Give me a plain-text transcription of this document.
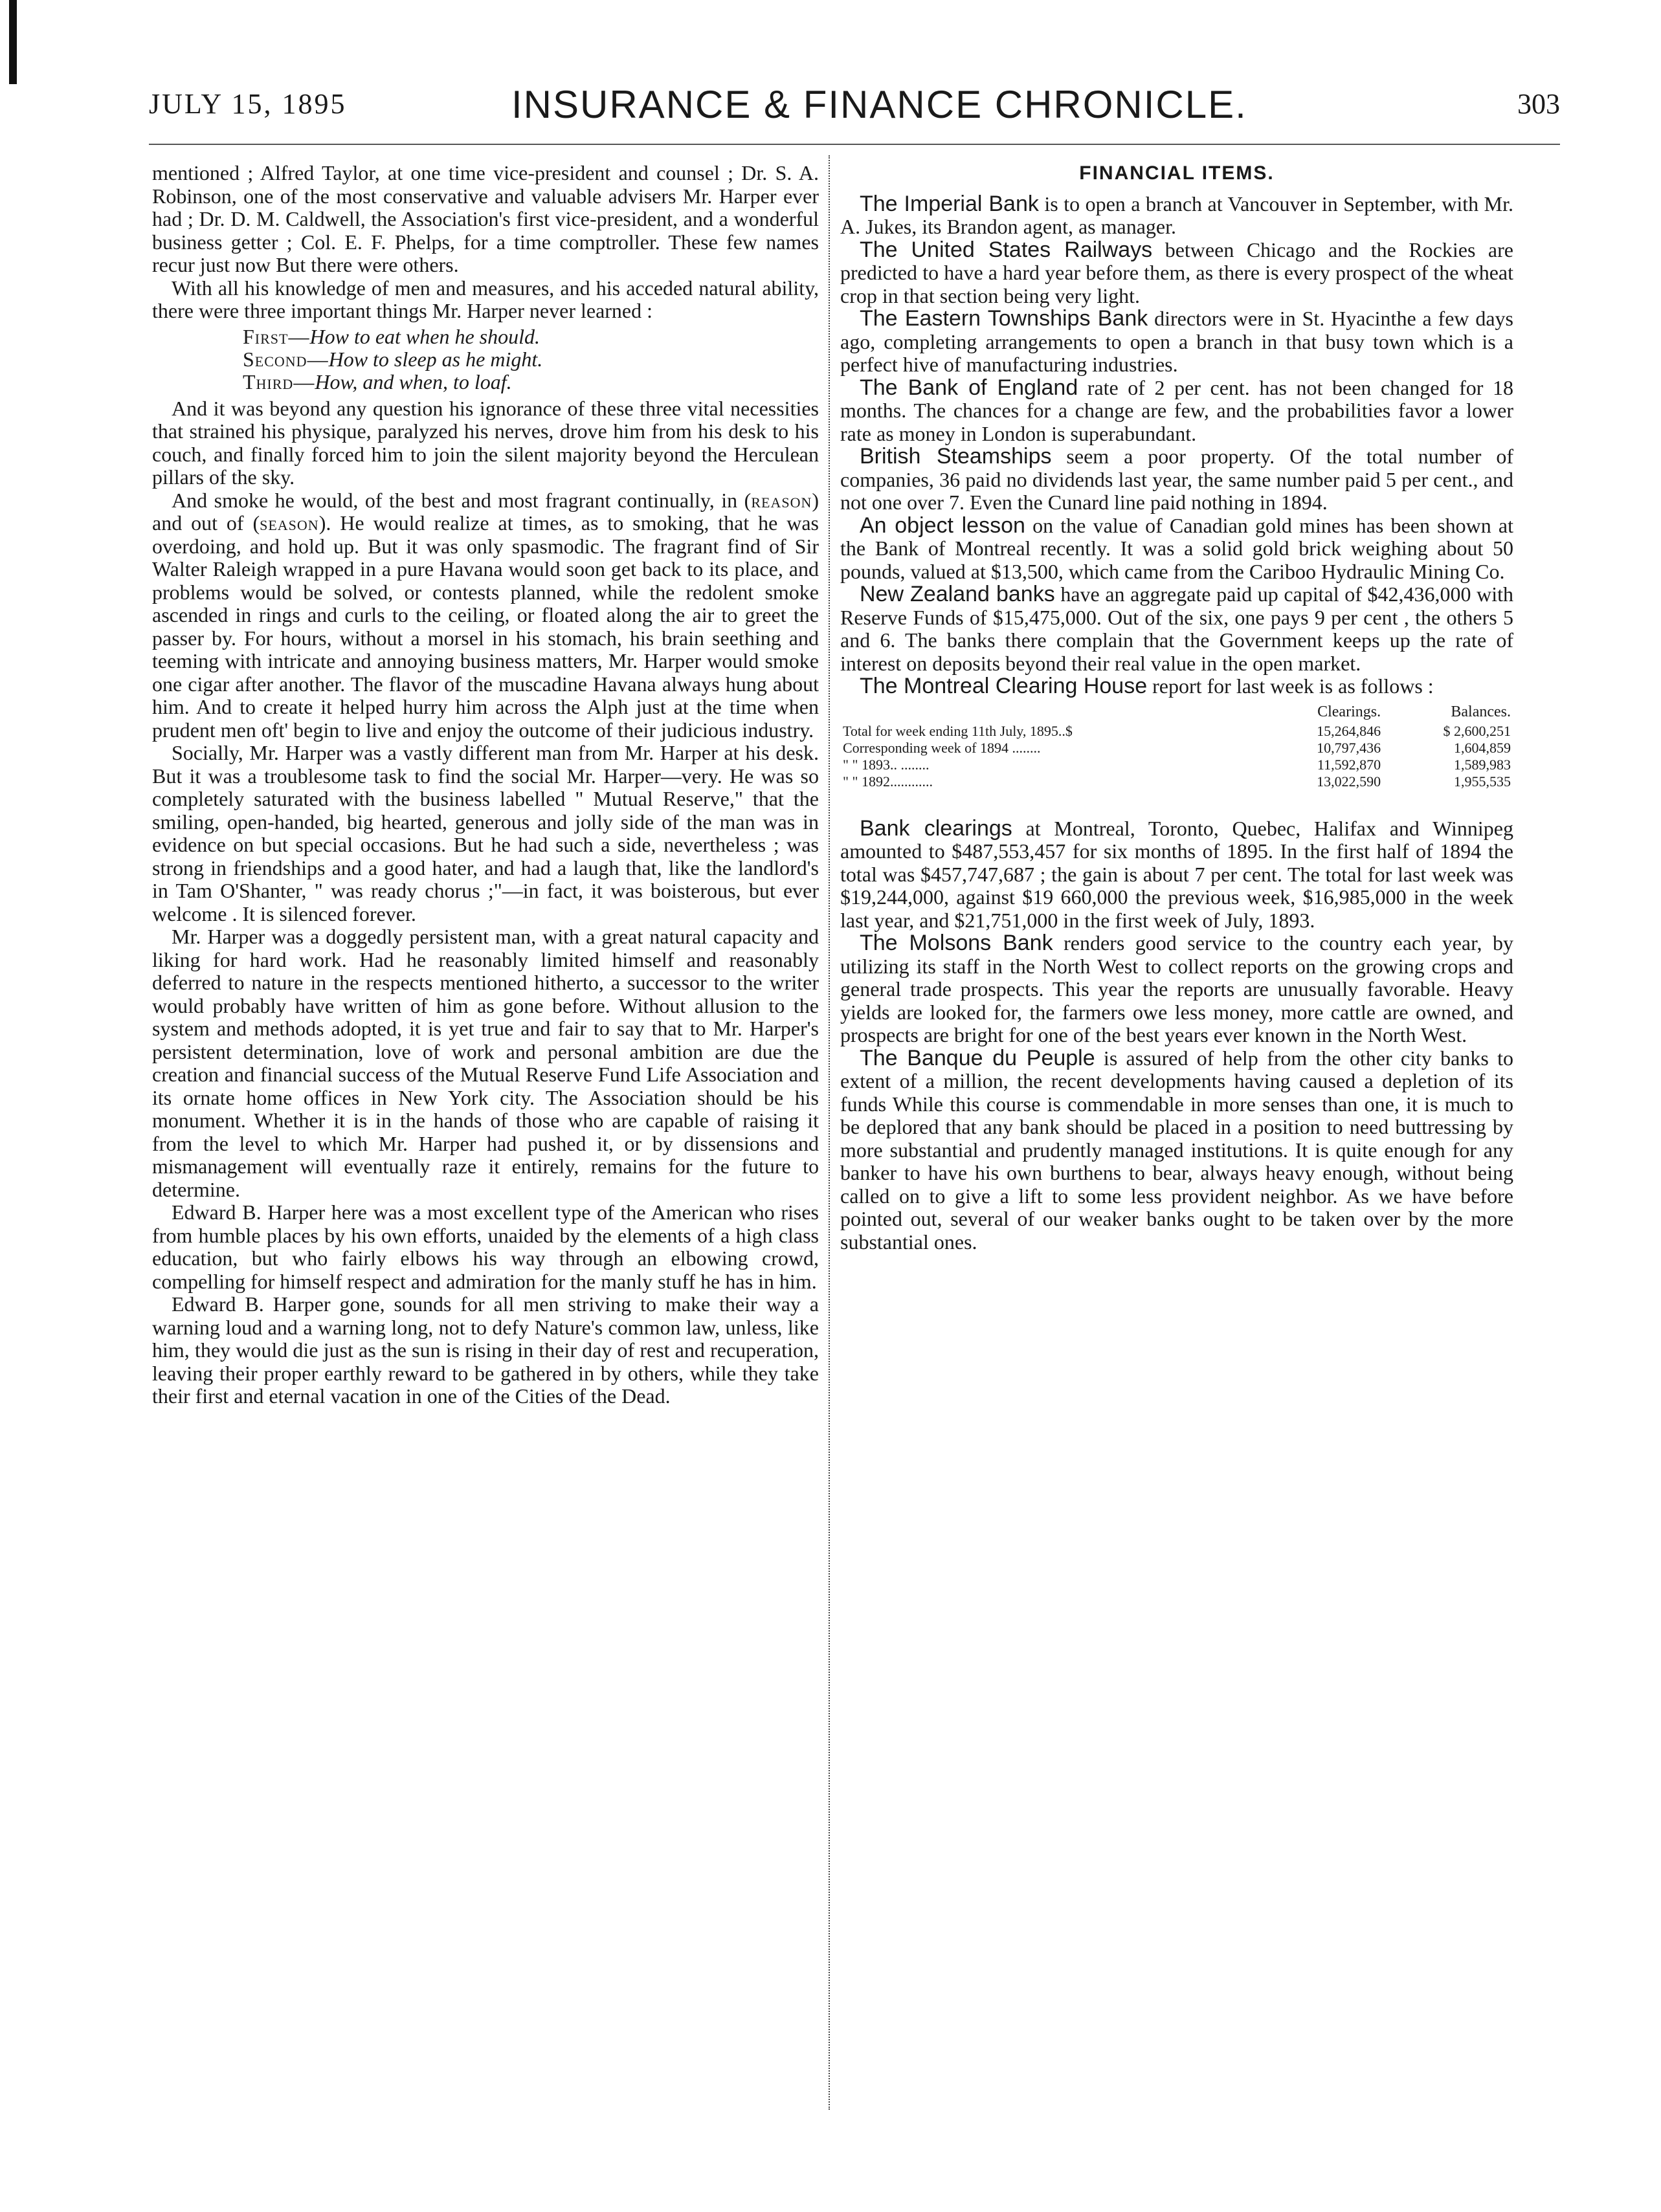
JULY 15, 1895	INSURANCE & FINANCE CHRONICLE.	303

mentioned ; Alfred Taylor, at one time vice-president and counsel ; Dr. S. A. Robinson, one of the most conservative and valuable advisers Mr. Harper ever had ; Dr. D. M. Caldwell, the Association's first vice-president, and a wonderful business getter ; Col. E. F. Phelps, for a time comptroller. These few names recur just now But there were others.

With all his knowledge of men and measures, and his acceded natural ability, there were three important things Mr. Harper never learned :

First—How to eat when he should.
Second—How to sleep as he might.
Third—How, and when, to loaf.

And it was beyond any question his ignorance of these three vital necessities that strained his physique, paralyzed his nerves, drove him from his desk to his couch, and finally forced him to join the silent majority beyond the Herculean pillars of the sky.

And smoke he would, of the best and most fragrant continually, in (reason) and out of (season). He would realize at times, as to smoking, that he was overdoing, and hold up. But it was only spasmodic. The fragrant find of Sir Walter Raleigh wrapped in a pure Havana would soon get back to its place, and problems would be solved, or contests planned, while the redolent smoke ascended in rings and curls to the ceiling, or floated along the air to greet the passer by. For hours, without a morsel in his stomach, his brain seething and teeming with intricate and annoying business matters, Mr. Harper would smoke one cigar after another. The flavor of the muscadine Havana always hung about him. And to create it helped hurry him across the Alph just at the time when prudent men oft' begin to live and enjoy the outcome of their judicious industry.

Socially, Mr. Harper was a vastly different man from Mr. Harper at his desk. But it was a troublesome task to find the social Mr. Harper—very. He was so completely saturated with the business labelled " Mutual Reserve," that the smiling, open-handed, big hearted, generous and jolly side of the man was in evidence on but special occasions. But he had such a side, nevertheless ; was strong in friendships and a good hater, and had a laugh that, like the landlord's in Tam O'Shanter, " was ready chorus ;"—in fact, it was boisterous, but ever welcome . It is silenced forever.

Mr. Harper was a doggedly persistent man, with a great natural capacity and liking for hard work. Had he reasonably limited himself and reasonably deferred to nature in the respects mentioned hitherto, a successor to the writer would probably have written of him as gone before. Without allusion to the system and methods adopted, it is yet true and fair to say that to Mr. Harper's persistent determination, love of work and personal ambition are due the creation and financial success of the Mutual Reserve Fund Life Association and its ornate home offices in New York city. The Association should be his monument. Whether it is in the hands of those who are capable of raising it from the level to which Mr. Harper had pushed it, or by dissensions and mismanagement will eventually raze it entirely, remains for the future to determine.

Edward B. Harper here was a most excellent type of the American who rises from humble places by his own efforts, unaided by the elements of a high class education, but who fairly elbows his way through an elbowing crowd, compelling for himself respect and admiration for the manly stuff he has in him.

Edward B. Harper gone, sounds for all men striving to make their way a warning loud and a warning long, not to defy Nature's common law, unless, like him, they would die just as the sun is rising in their day of rest and recuperation, leaving their proper earthly reward to be gathered in by others, while they take their first and eternal vacation in one of the Cities of the Dead.

FINANCIAL ITEMS.

The Imperial Bank is to open a branch at Vancouver in September, with Mr. A. Jukes, its Brandon agent, as manager.

The United States Railways between Chicago and the Rockies are predicted to have a hard year before them, as there is every prospect of the wheat crop in that section being very light.

The Eastern Townships Bank directors were in St. Hyacinthe a few days ago, completing arrangements to open a branch in that busy town which is a perfect hive of manufacturing industries.

The Bank of England rate of 2 per cent. has not been changed for 18 months. The chances for a change are few, and the probabilities favor a lower rate as money in London is superabundant.

British Steamships seem a poor property. Of the total number of companies, 36 paid no dividends last year, the same number paid 5 per cent., and not one over 7. Even the Cunard line paid nothing in 1894.

An object lesson on the value of Canadian gold mines has been shown at the Bank of Montreal recently. It was a solid gold brick weighing about 50 pounds, valued at $13,500, which came from the Cariboo Hydraulic Mining Co.

New Zealand banks have an aggregate paid up capital of $42,436,000 with Reserve Funds of $15,475,000. Out of the six, one pays 9 per cent , the others 5 and 6. The banks there complain that the Government keeps up the rate of interest on deposits beyond their real value in the open market.

The Montreal Clearing House report for last week is as follows :

	Clearings.	Balances.
Total for week ending 11th July, 1895..$	15,264,846	$ 2,600,251
Corresponding week of 1894 ........	10,797,436	1,604,859
" " 1893.. ........	11,592,870	1,589,983
" " 1892............	13,022,590	1,955,535

Bank clearings at Montreal, Toronto, Quebec, Halifax and Winnipeg amounted to $487,553,457 for six months of 1895. In the first half of 1894 the total was $457,747,687 ; the gain is about 7 per cent. The total for last week was $19,244,000, against $19 660,000 the previous week, $16,985,000 in the week last year, and $21,751,000 in the first week of July, 1893.

The Molsons Bank renders good service to the country each year, by utilizing its staff in the North West to collect reports on the growing crops and general trade prospects. This year the reports are unusually favorable. Heavy yields are looked for, the farmers owe less money, more cattle are owned, and prospects are bright for one of the best years ever known in the North West.

The Banque du Peuple is assured of help from the other city banks to extent of a million, the recent developments having caused a depletion of its funds While this course is commendable in more senses than one, it is much to be deplored that any bank should be placed in a position to need buttressing by more substantial and prudently managed institutions. It is quite enough for any banker to have his own burthens to bear, always heavy enough, without being called on to give a lift to some less provident neighbor. As we have before pointed out, several of our weaker banks ought to be taken over by the more substantial ones.
